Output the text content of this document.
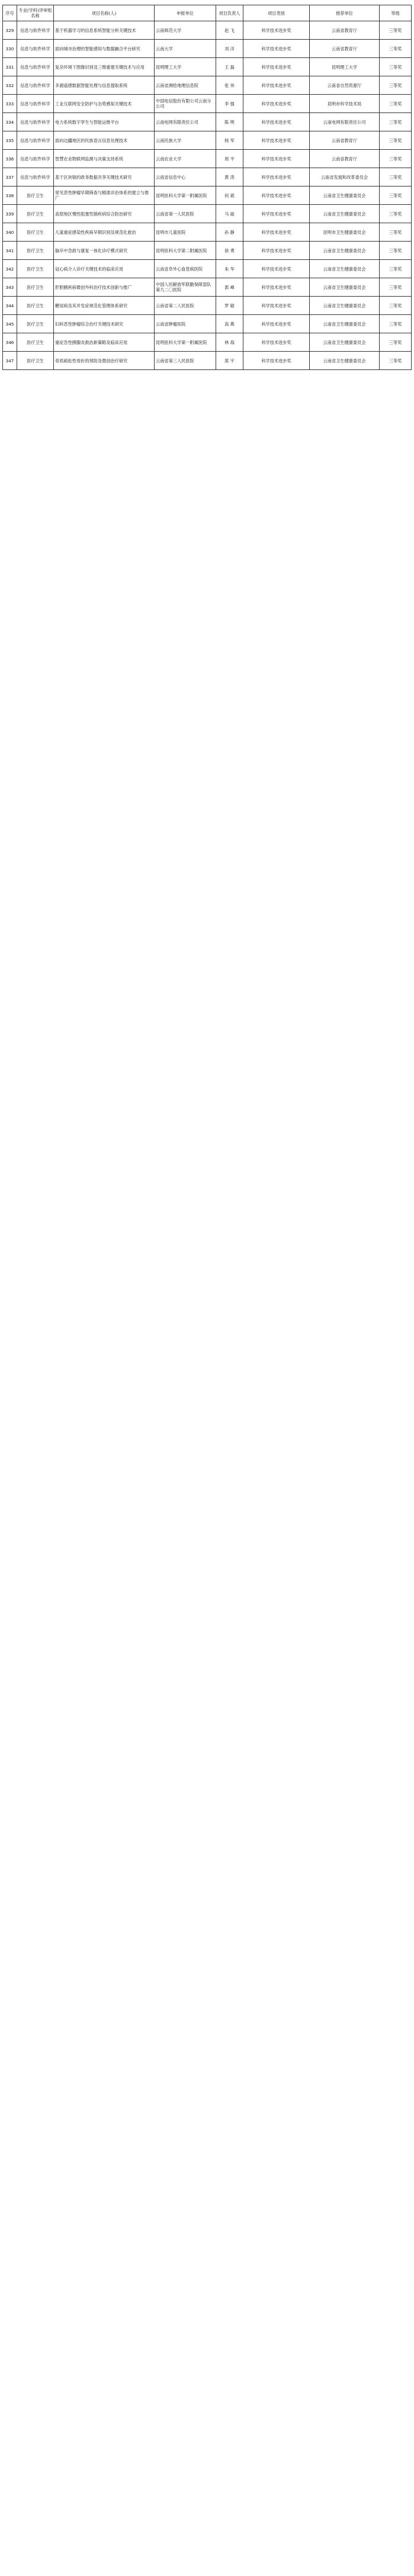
序号	专业(学科)评审组名称	项目名称(人)	申报单位	项目负责人	项目类别	推荐单位	等级
329	信息与软件科学	基于机器学习的信息系统智能分析关键技术	云南师范大学	赵 飞	科学技术进步奖	云南省教育厅	三等奖
330	信息与软件科学	面向城市治理的智能感知与数据融合平台研究	云南大学	刘 洋	科学技术进步奖	云南省教育厅	三等奖
331	信息与软件科学	复杂环境下图像识别及三维重建关键技术与应用	昆明理工大学	王 磊	科学技术进步奖	昆明理工大学	三等奖
332	信息与软件科学	多源遥感数据智能处理与信息提取系统	云南省测绘地理信息院	张 伟	科学技术进步奖	云南省自然资源厅	三等奖
333	信息与软件科学	工业互联网安全防护与态势感知关键技术	中国电信股份有限公司云南分公司	李 强	科学技术进步奖	昆明市科学技术局	三等奖
334	信息与软件科学	电力系统数字孪生与智能运维平台	云南电网有限责任公司	陈 明	科学技术进步奖	云南电网有限责任公司	三等奖
335	信息与软件科学	面向边疆地区的民族语言信息处理技术	云南民族大学	杨 军	科学技术进步奖	云南省教育厅	三等奖
336	信息与软件科学	智慧农业物联网监测与决策支持系统	云南农业大学	周 平	科学技术进步奖	云南省教育厅	三等奖
337	信息与软件科学	基于区块链的政务数据共享关键技术研究	云南省信息中心	黄 涛	科学技术进步奖	云南省发展和改革委员会	三等奖
338	医疗卫生	常见恶性肿瘤早期筛查与精准诊治体系的建立与推广	昆明医科大学第一附属医院	何 斌	科学技术进步奖	云南省卫生健康委员会	三等奖
339	医疗卫生	高原地区慢性阻塞性肺疾病综合防治研究	云南省第一人民医院	马 丽	科学技术进步奖	云南省卫生健康委员会	三等奖
340	医疗卫生	儿童重症感染性疾病早期识别及规范化救治	昆明市儿童医院	孙 静	科学技术进步奖	昆明市卫生健康委员会	三等奖
341	医疗卫生	脑卒中急救与康复一体化诊疗模式研究	昆明医科大学第二附属医院	徐 勇	科学技术进步奖	云南省卫生健康委员会	三等奖
342	医疗卫生	冠心病介入诊疗关键技术的临床应用	云南省阜外心血管病医院	朱 华	科学技术进步奖	云南省卫生健康委员会	三等奖
343	医疗卫生	肝胆胰疾病微创外科治疗技术创新与推广	中国人民解放军联勤保障部队第九二〇医院	郭 峰	科学技术进步奖	云南省卫生健康委员会	三等奖
344	医疗卫生	糖尿病及其并发症规范化管理体系研究	云南省第二人民医院	罗 敏	科学技术进步奖	云南省卫生健康委员会	三等奖
345	医疗卫生	妇科恶性肿瘤综合治疗关键技术研究	云南省肿瘤医院	高 燕	科学技术进步奖	云南省卫生健康委员会	三等奖
346	医疗卫生	重症急性胰腺炎救治新策略及临床应用	昆明医科大学第一附属医院	林 海	科学技术进步奖	云南省卫生健康委员会	三等奖
347	医疗卫生	骨质疏松性骨折的预防及微创治疗研究	云南省第三人民医院	郑 宇	科学技术进步奖	云南省卫生健康委员会	三等奖
